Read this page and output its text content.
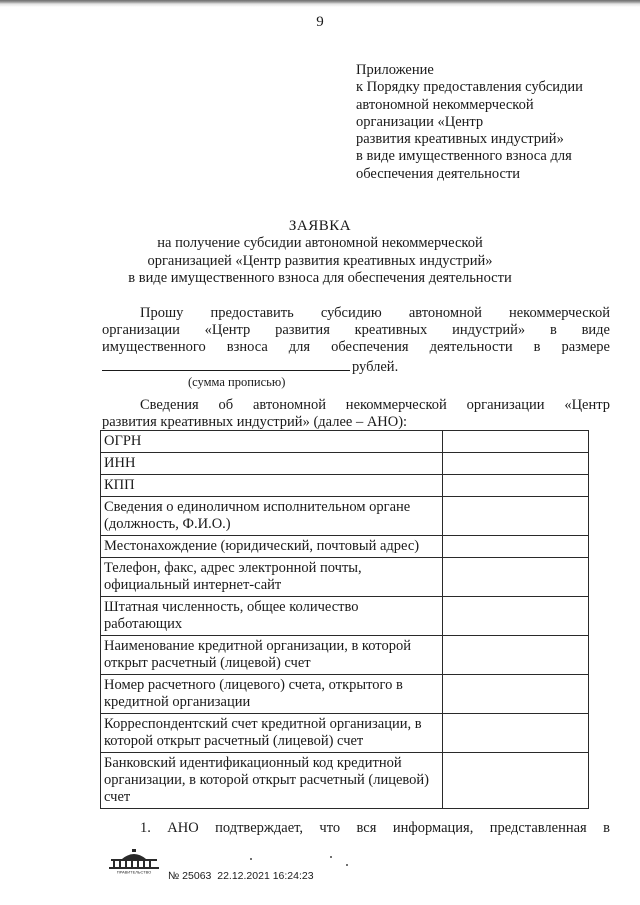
9
Приложение
к Порядку предоставления субсидии
автономной некоммерческой
организации «Центр
развития креативных индустрий»
в виде имущественного взноса для
обеспечения деятельности
ЗАЯВКА
на получение субсидии автономной некоммерческой
организацией «Центр развития креативных индустрий»
в виде имущественного взноса для обеспечения деятельности
Прошу предоставить субсидию автономной некоммерческой
организации «Центр развития креативных индустрий» в виде
имущественного взноса для обеспечения деятельности в размере
рублей.
(сумма прописью)
Сведения об автономной некоммерческой организации «Центр
развития креативных индустрий» (далее – АНО):
ОГРН	
ИНН	
КПП	
Сведения о единоличном исполнительном органе (должность, Ф.И.О.)	
Местонахождение (юридический, почтовый адрес)	
Телефон, факс, адрес электронной почты, официальный интернет-сайт	
Штатная численность, общее количество работающих	
Наименование кредитной организации, в которой открыт расчетный (лицевой) счет	
Номер расчетного (лицевого) счета, открытого в кредитной организации	
Корреспондентский счет кредитной организации, в которой открыт расчетный (лицевой) счет	
Банковский идентификационный код кредитной организации, в которой открыт расчетный (лицевой) счет	
1. АНО подтверждает, что вся информация, представленная в
ПРАВИТЕЛЬСТВО № 25063 22.12.2021 16:24:23
